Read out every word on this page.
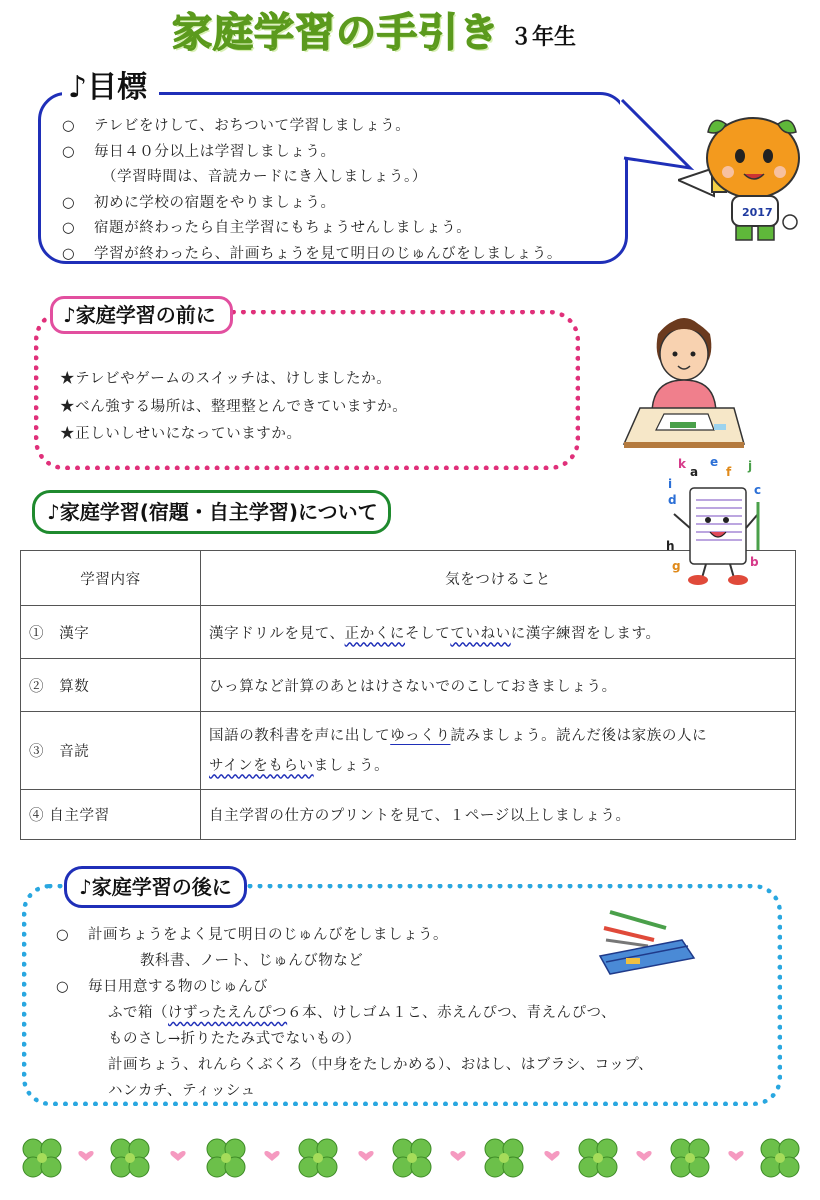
家庭学習の手引き ３年生
♪目標
○ テレビをけして、おちついて学習しましょう。
○ 毎日４０分以上は学習しましょう。
（学習時間は、音読カードにき入しましょう。）
○ 初めに学校の宿題をやりましょう。
○ 宿題が終わったら自主学習にもちょうせんしましょう。
○ 学習が終わったら、計画ちょうを見て明日のじゅんびをしましょう。
2017
♪家庭学習の前に
★テレビやゲームのスイッチは、けしましたか。
★べん強する場所は、整理整とんできていますか。
★正しいしせいになっていますか。
♪家庭学習(宿題・自主学習)について
学習内容	気をつけること
①　漢字	漢字ドリルを見て、正かくにそしてていねいに漢字練習をします。
②　算数	ひっ算など計算のあとはけさないでのこしておきましょう。
③　音読	国語の教科書を声に出してゆっくり読みましょう。読んだ後は家族の人に
サインをもらいましょう。
④ 自主学習	自主学習の仕方のプリントを見て、１ページ以上しましょう。
k
a
e
f j
i	c
d
h
g	b
♪家庭学習の後に
○ 計画ちょうをよく見て明日のじゅんびをしましょう。
教科書、ノート、じゅんび物など
○ 毎日用意する物のじゅんび
ふで箱（けずったえんぴつ６本、けしゴム１こ、赤えんぴつ、青えんぴつ、
ものさし→折りたたみ式でないもの）
計画ちょう、れんらくぶくろ（中身をたしかめる）、おはし、はブラシ、コップ、
ハンカチ、ティッシュ
